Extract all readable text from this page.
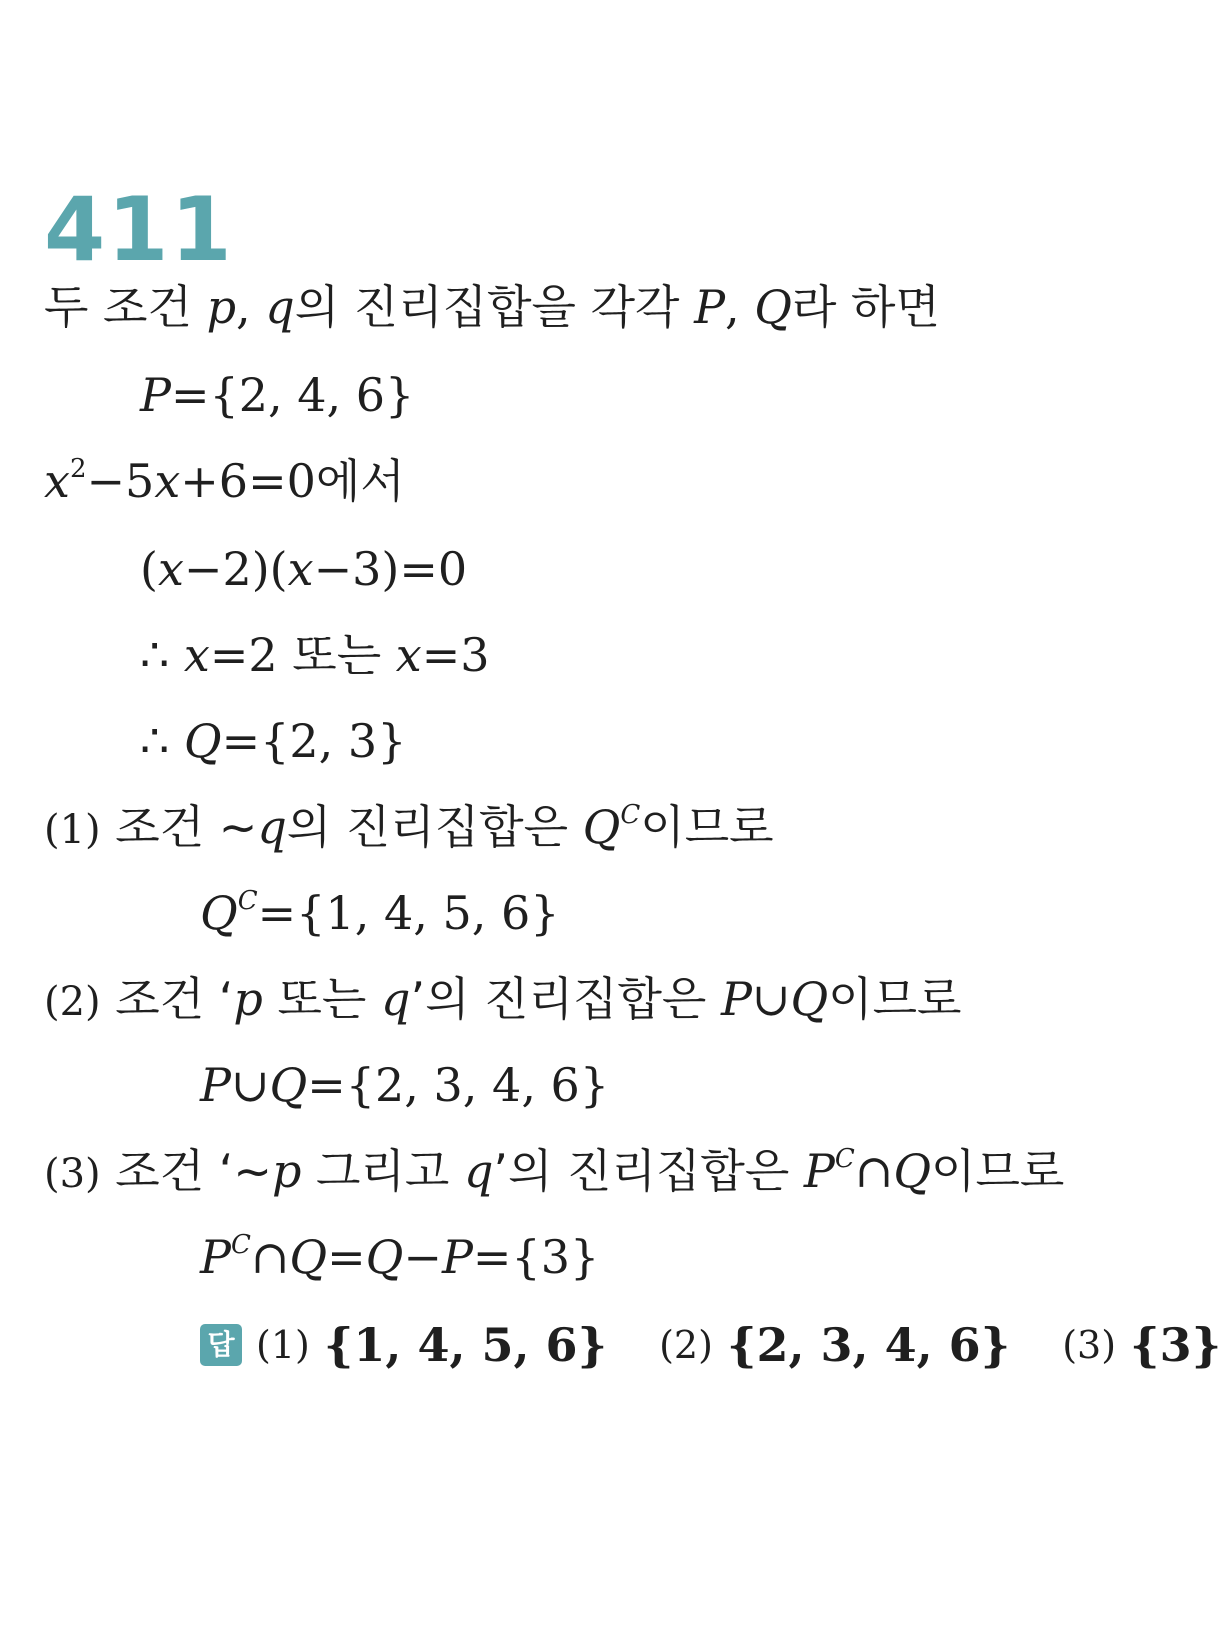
411
두 조건 p, q의 진리집합을 각각 P, Q라 하면
P={2, 4, 6}
$x^2-5x+6=0$에서
(x−2)(x−3)=0
∴ x=2 또는 x=3
∴ Q={2, 3}
(1) 조건 ~q의 진리집합은 $Q^C$이므로
$Q^C=\{1$, 4, 5, 6}
(2) 조건 ‘p 또는 q’의 진리집합은 P∪Q이므로
P∪Q={2, 3, 4, 6}
(3) 조건 ‘~p 그리고 q’의 진리집합은 $P^C\cap Q$이므로
$P^C\cap Q=Q-P=\{3\}$
답 (1) {1, 4, 5, 6} (2) {2, 3, 4, 6} (3) {3}
